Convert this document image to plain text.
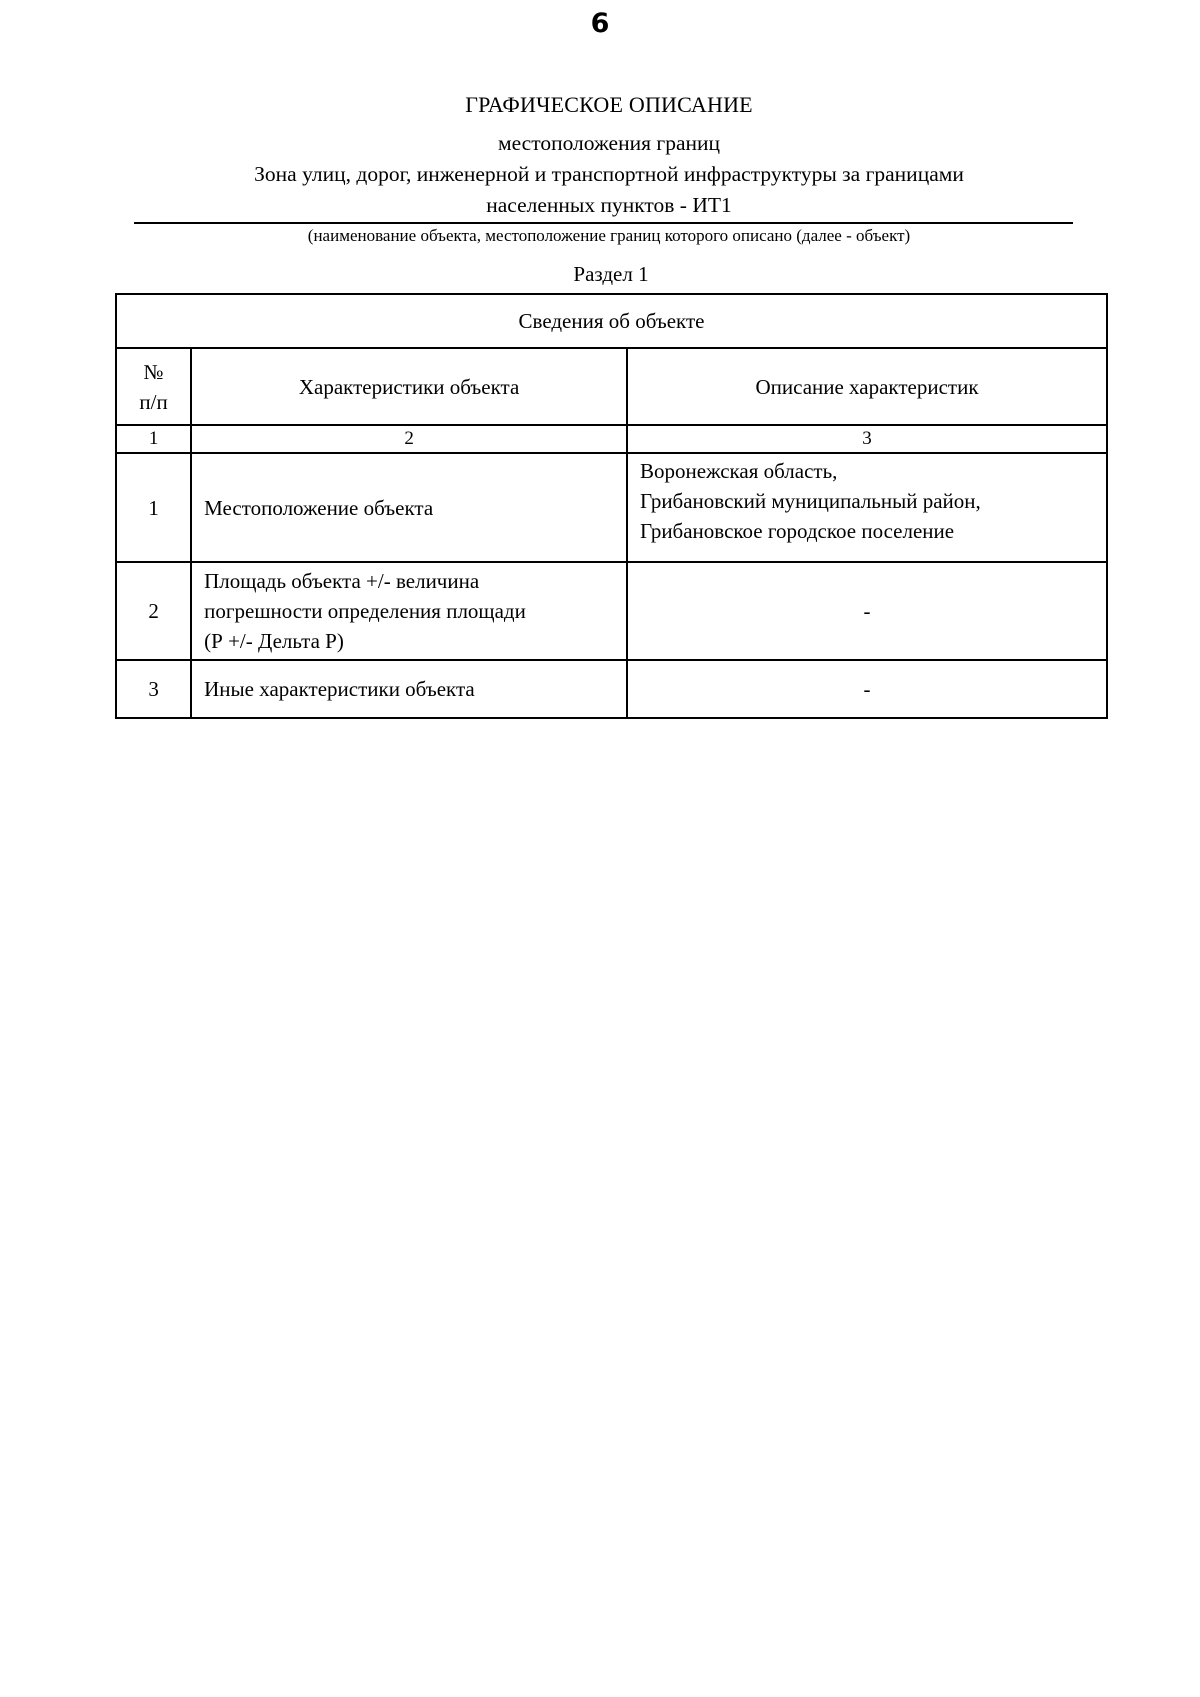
6
ГРАФИЧЕСКОЕ ОПИСАНИЕ
местоположения границ
Зона улиц, дорог, инженерной и транспортной инфраструктуры за границами
населенных пунктов - ИТ1
(наименование объекта, местоположение границ которого описано (далее - объект)
Раздел 1
Сведения об объекте		

№
п/п	Характеристики объекта	Описание характеристик
1	2	3
1	Местоположение объекта	Воронежская область,
Грибановский муниципальный район,
Грибановское городское поселение

2	Площадь объекта +/- величина
погрешности определения площади
(Р +/- Дельта Р)	-
3	Иные характеристики объекта	-
